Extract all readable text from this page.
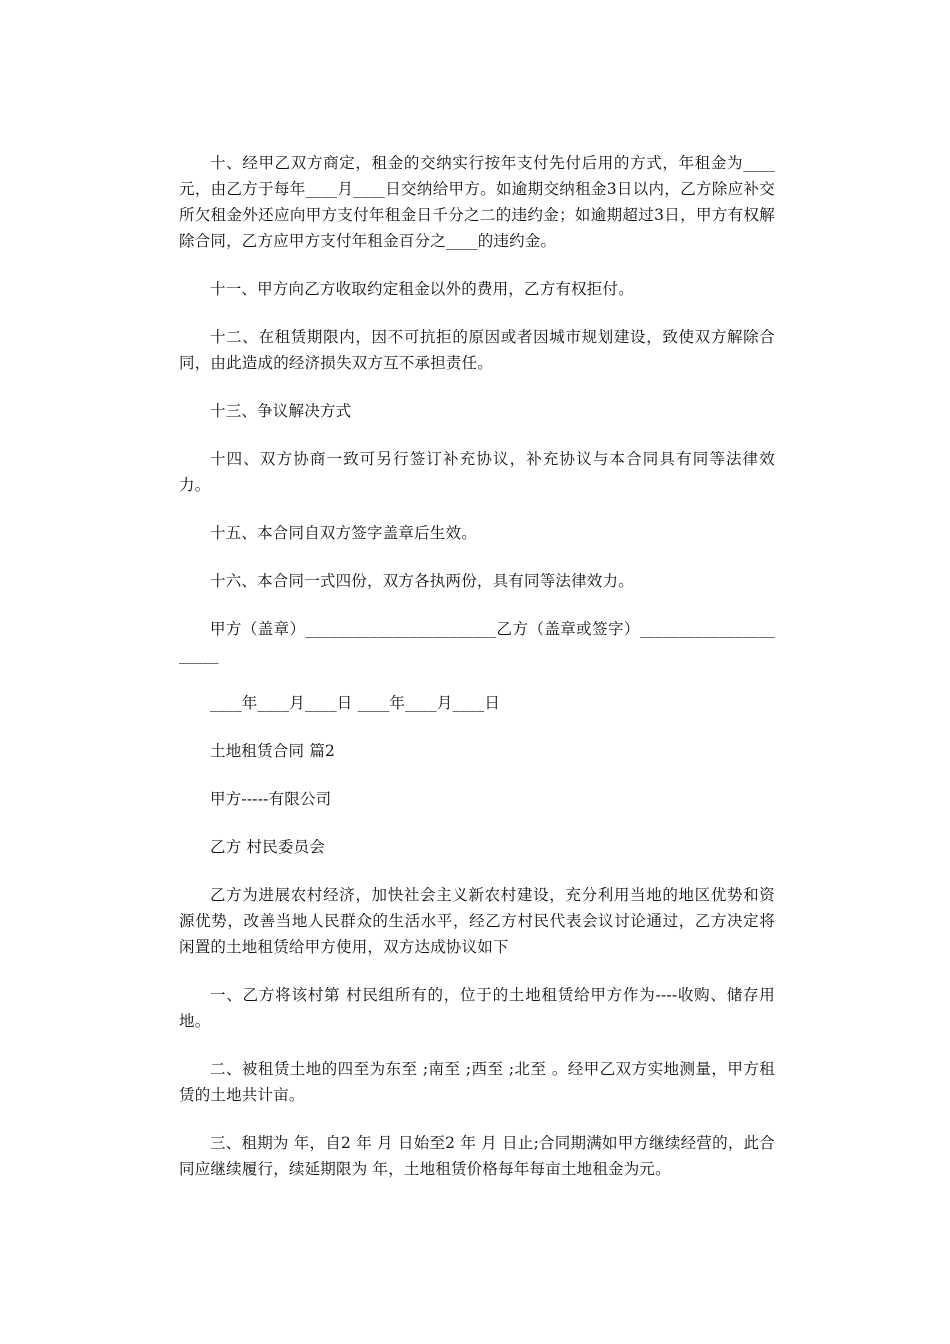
十、经甲乙双方商定，租金的交纳实行按年支付先付后用的方式，年租金为____元，由乙方于每年____月____日交纳给甲方。如逾期交纳租金3日以内，乙方除应补交所欠租金外还应向甲方支付年租金日千分之二的违约金；如逾期超过3日，甲方有权解除合同，乙方应甲方支付年租金百分之____的违约金。

十一、甲方向乙方收取约定租金以外的费用，乙方有权拒付。

十二、在租赁期限内，因不可抗拒的原因或者因城市规划建设，致使双方解除合同，由此造成的经济损失双方互不承担责任。

十三、争议解决方式

十四、双方协商一致可另行签订补充协议，补充协议与本合同具有同等法律效力。

十五、本合同自双方签字盖章后生效。

十六、本合同一式四份，双方各执两份，具有同等法律效力。

甲方（盖章）________________________乙方（盖章或签字）______________________

____年____月____日 ____年____月____日

土地租赁合同 篇2

甲方-----有限公司

乙方 村民委员会

乙方为进展农村经济，加快社会主义新农村建设，充分利用当地的地区优势和资源优势，改善当地人民群众的生活水平，经乙方村民代表会议讨论通过，乙方决定将闲置的土地租赁给甲方使用，双方达成协议如下

一、乙方将该村第 村民组所有的，位于的土地租赁给甲方作为----收购、储存用地。

二、被租赁土地的四至为东至 ;南至 ;西至 ;北至 。经甲乙双方实地测量，甲方租赁的土地共计亩。

三、租期为 年，自2 年 月 日始至2 年 月 日止;合同期满如甲方继续经营的，此合同应继续履行，续延期限为 年，土地租赁价格每年每亩土地租金为元。
